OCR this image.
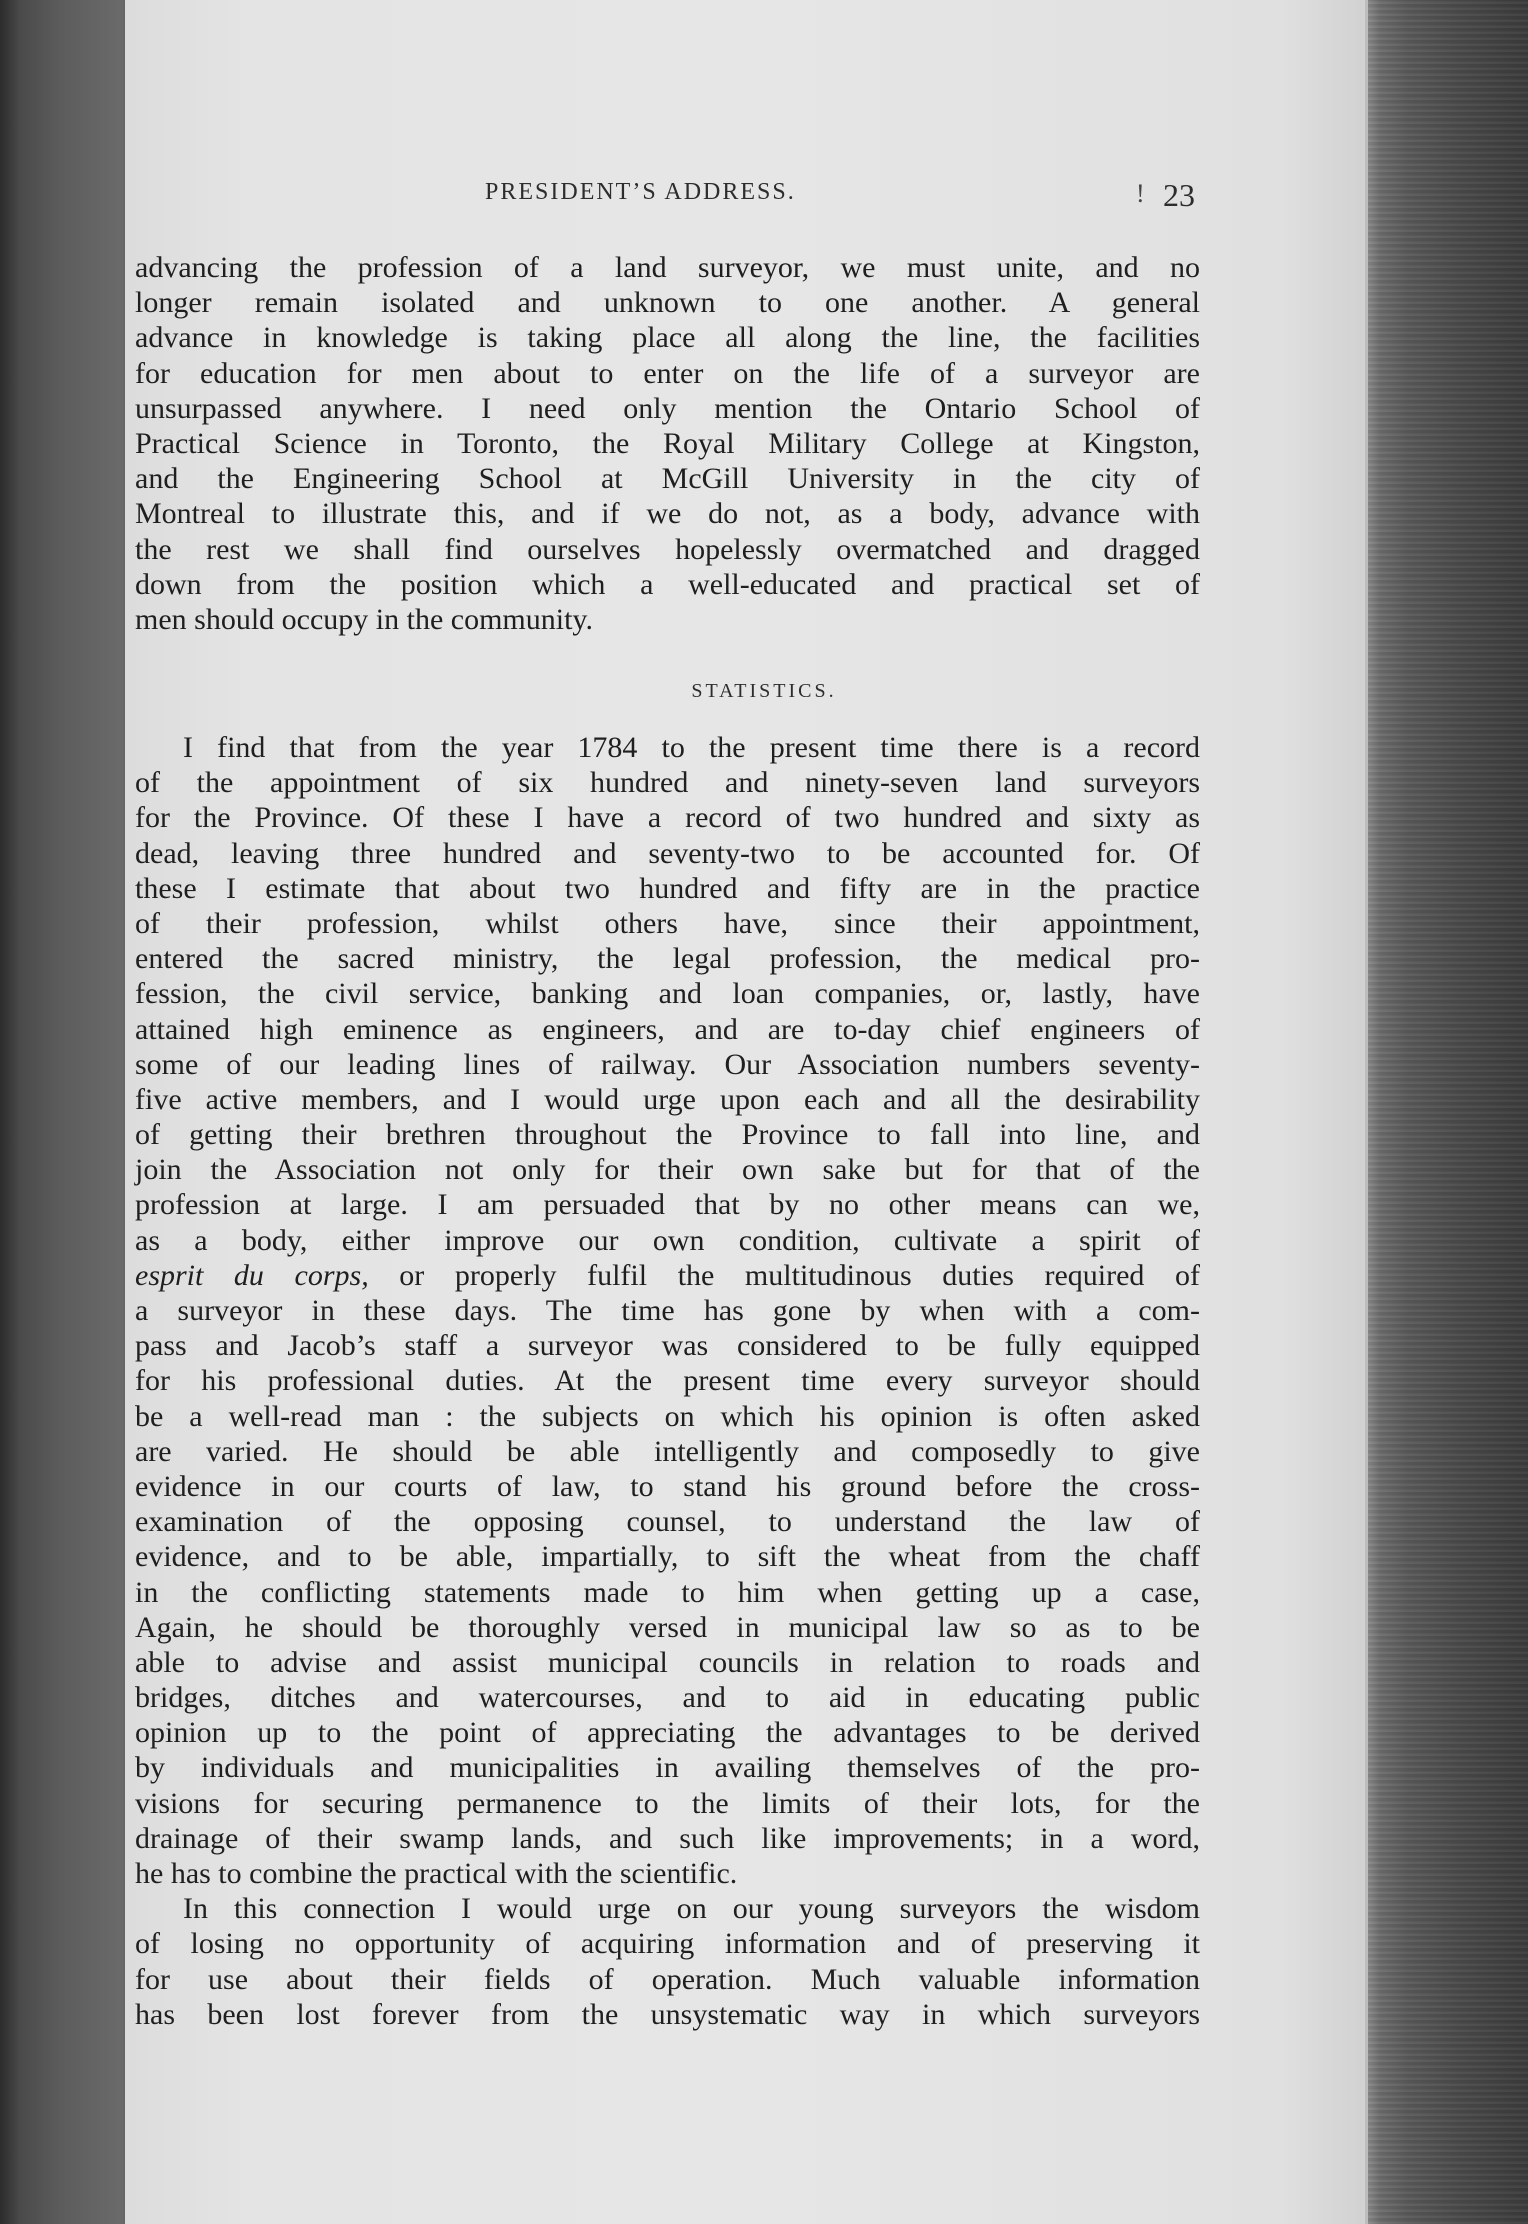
PRESIDENT’S ADDRESS.	! 23
advancing the profession of a land surveyor, we must unite, and no
longer remain isolated and unknown to one another. A general
advance in knowledge is taking place all along the line, the facilities
for education for men about to enter on the life of a surveyor are
unsurpassed anywhere. I need only mention the Ontario School of
Practical Science in Toronto, the Royal Military College at Kingston,
and the Engineering School at McGill University in the city of
Montreal to illustrate this, and if we do not, as a body, advance with
the rest we shall find ourselves hopelessly overmatched and dragged
down from the position which a well-educated and practical set of
men should occupy in the community.
STATISTICS.
I find that from the year 1784 to the present time there is a record
of the appointment of six hundred and ninety-seven land surveyors
for the Province. Of these I have a record of two hundred and sixty as
dead, leaving three hundred and seventy-two to be accounted for. Of
these I estimate that about two hundred and fifty are in the practice
of their profession, whilst others have, since their appointment,
entered the sacred ministry, the legal profession, the medical pro-
fession, the civil service, banking and loan companies, or, lastly, have
attained high eminence as engineers, and are to-day chief engineers of
some of our leading lines of railway. Our Association numbers seventy-
five active members, and I would urge upon each and all the desirability
of getting their brethren throughout the Province to fall into line, and
join the Association not only for their own sake but for that of the
profession at large. I am persuaded that by no other means can we,
as a body, either improve our own condition, cultivate a spirit of
esprit du corps, or properly fulfil the multitudinous duties required of
a surveyor in these days. The time has gone by when with a com-
pass and Jacob’s staff a surveyor was considered to be fully equipped
for his professional duties. At the present time every surveyor should
be a well-read man : the subjects on which his opinion is often asked
are varied. He should be able intelligently and composedly to give
evidence in our courts of law, to stand his ground before the cross-
examination of the opposing counsel, to understand the law of
evidence, and to be able, impartially, to sift the wheat from the chaff
in the conflicting statements made to him when getting up a case,
Again, he should be thoroughly versed in municipal law so as to be
able to advise and assist municipal councils in relation to roads and
bridges, ditches and watercourses, and to aid in educating public
opinion up to the point of appreciating the advantages to be derived
by individuals and municipalities in availing themselves of the pro-
visions for securing permanence to the limits of their lots, for the
drainage of their swamp lands, and such like improvements; in a word,
he has to combine the practical with the scientific.
In this connection I would urge on our young surveyors the wisdom
of losing no opportunity of acquiring information and of preserving it
for use about their fields of operation. Much valuable information
has been lost forever from the unsystematic way in which surveyors
